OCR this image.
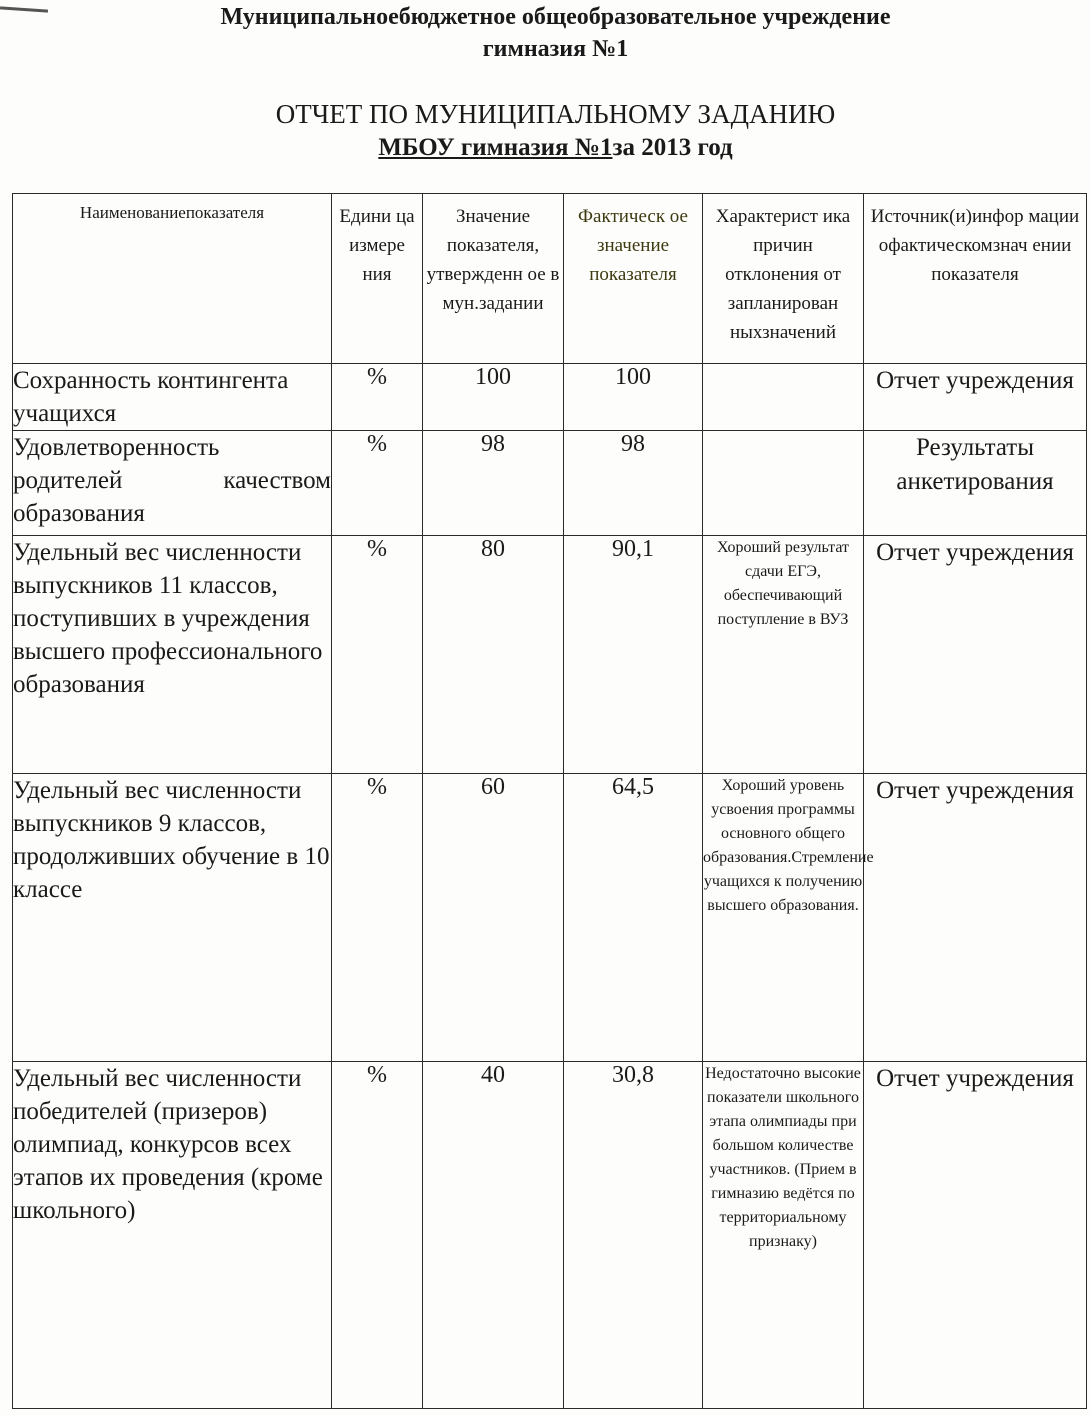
Муниципальноебюджетное общеобразовательное учреждение
гимназия №1
ОТЧЕТ ПО МУНИЦИПАЛЬНОМУ ЗАДАНИЮ
МБОУ гимназия №1за 2013 год
Наименованиепоказателя	Едини ца измере ния	Значение показателя, утвержденн ое в мун.задании	Фактическ ое значение показателя	Характерист ика причин отклонения от запланирован ныхзначений	Источник(и)инфор мации офактическомзнач ении показателя
Сохранность контингента учащихся	%	100	100		Отчет учреждения
Удовлетворенность родителей качеством образования	%	98	98		Результаты анкетирования
Удельный вес численности выпускников 11 классов, поступивших в учреждения высшего профессионального образования	%	80	90,1	Хороший результат сдачи ЕГЭ, обеспечивающий поступление в ВУЗ	Отчет учреждения
Удельный вес численности выпускников 9 классов, продолживших обучение в 10 классе	%	60	64,5	Хороший уровень усвоения программы основного общего образования.Стремление учащихся к получению высшего образования.	Отчет учреждения
Удельный вес численности победителей (призеров) олимпиад, конкурсов всех этапов их проведения (кроме школьного)	%	40	30,8	Недостаточно высокие показатели школьного этапа олимпиады при большом количестве участников. (Прием в гимназию ведётся по территориальному признаку)	Отчет учреждения
